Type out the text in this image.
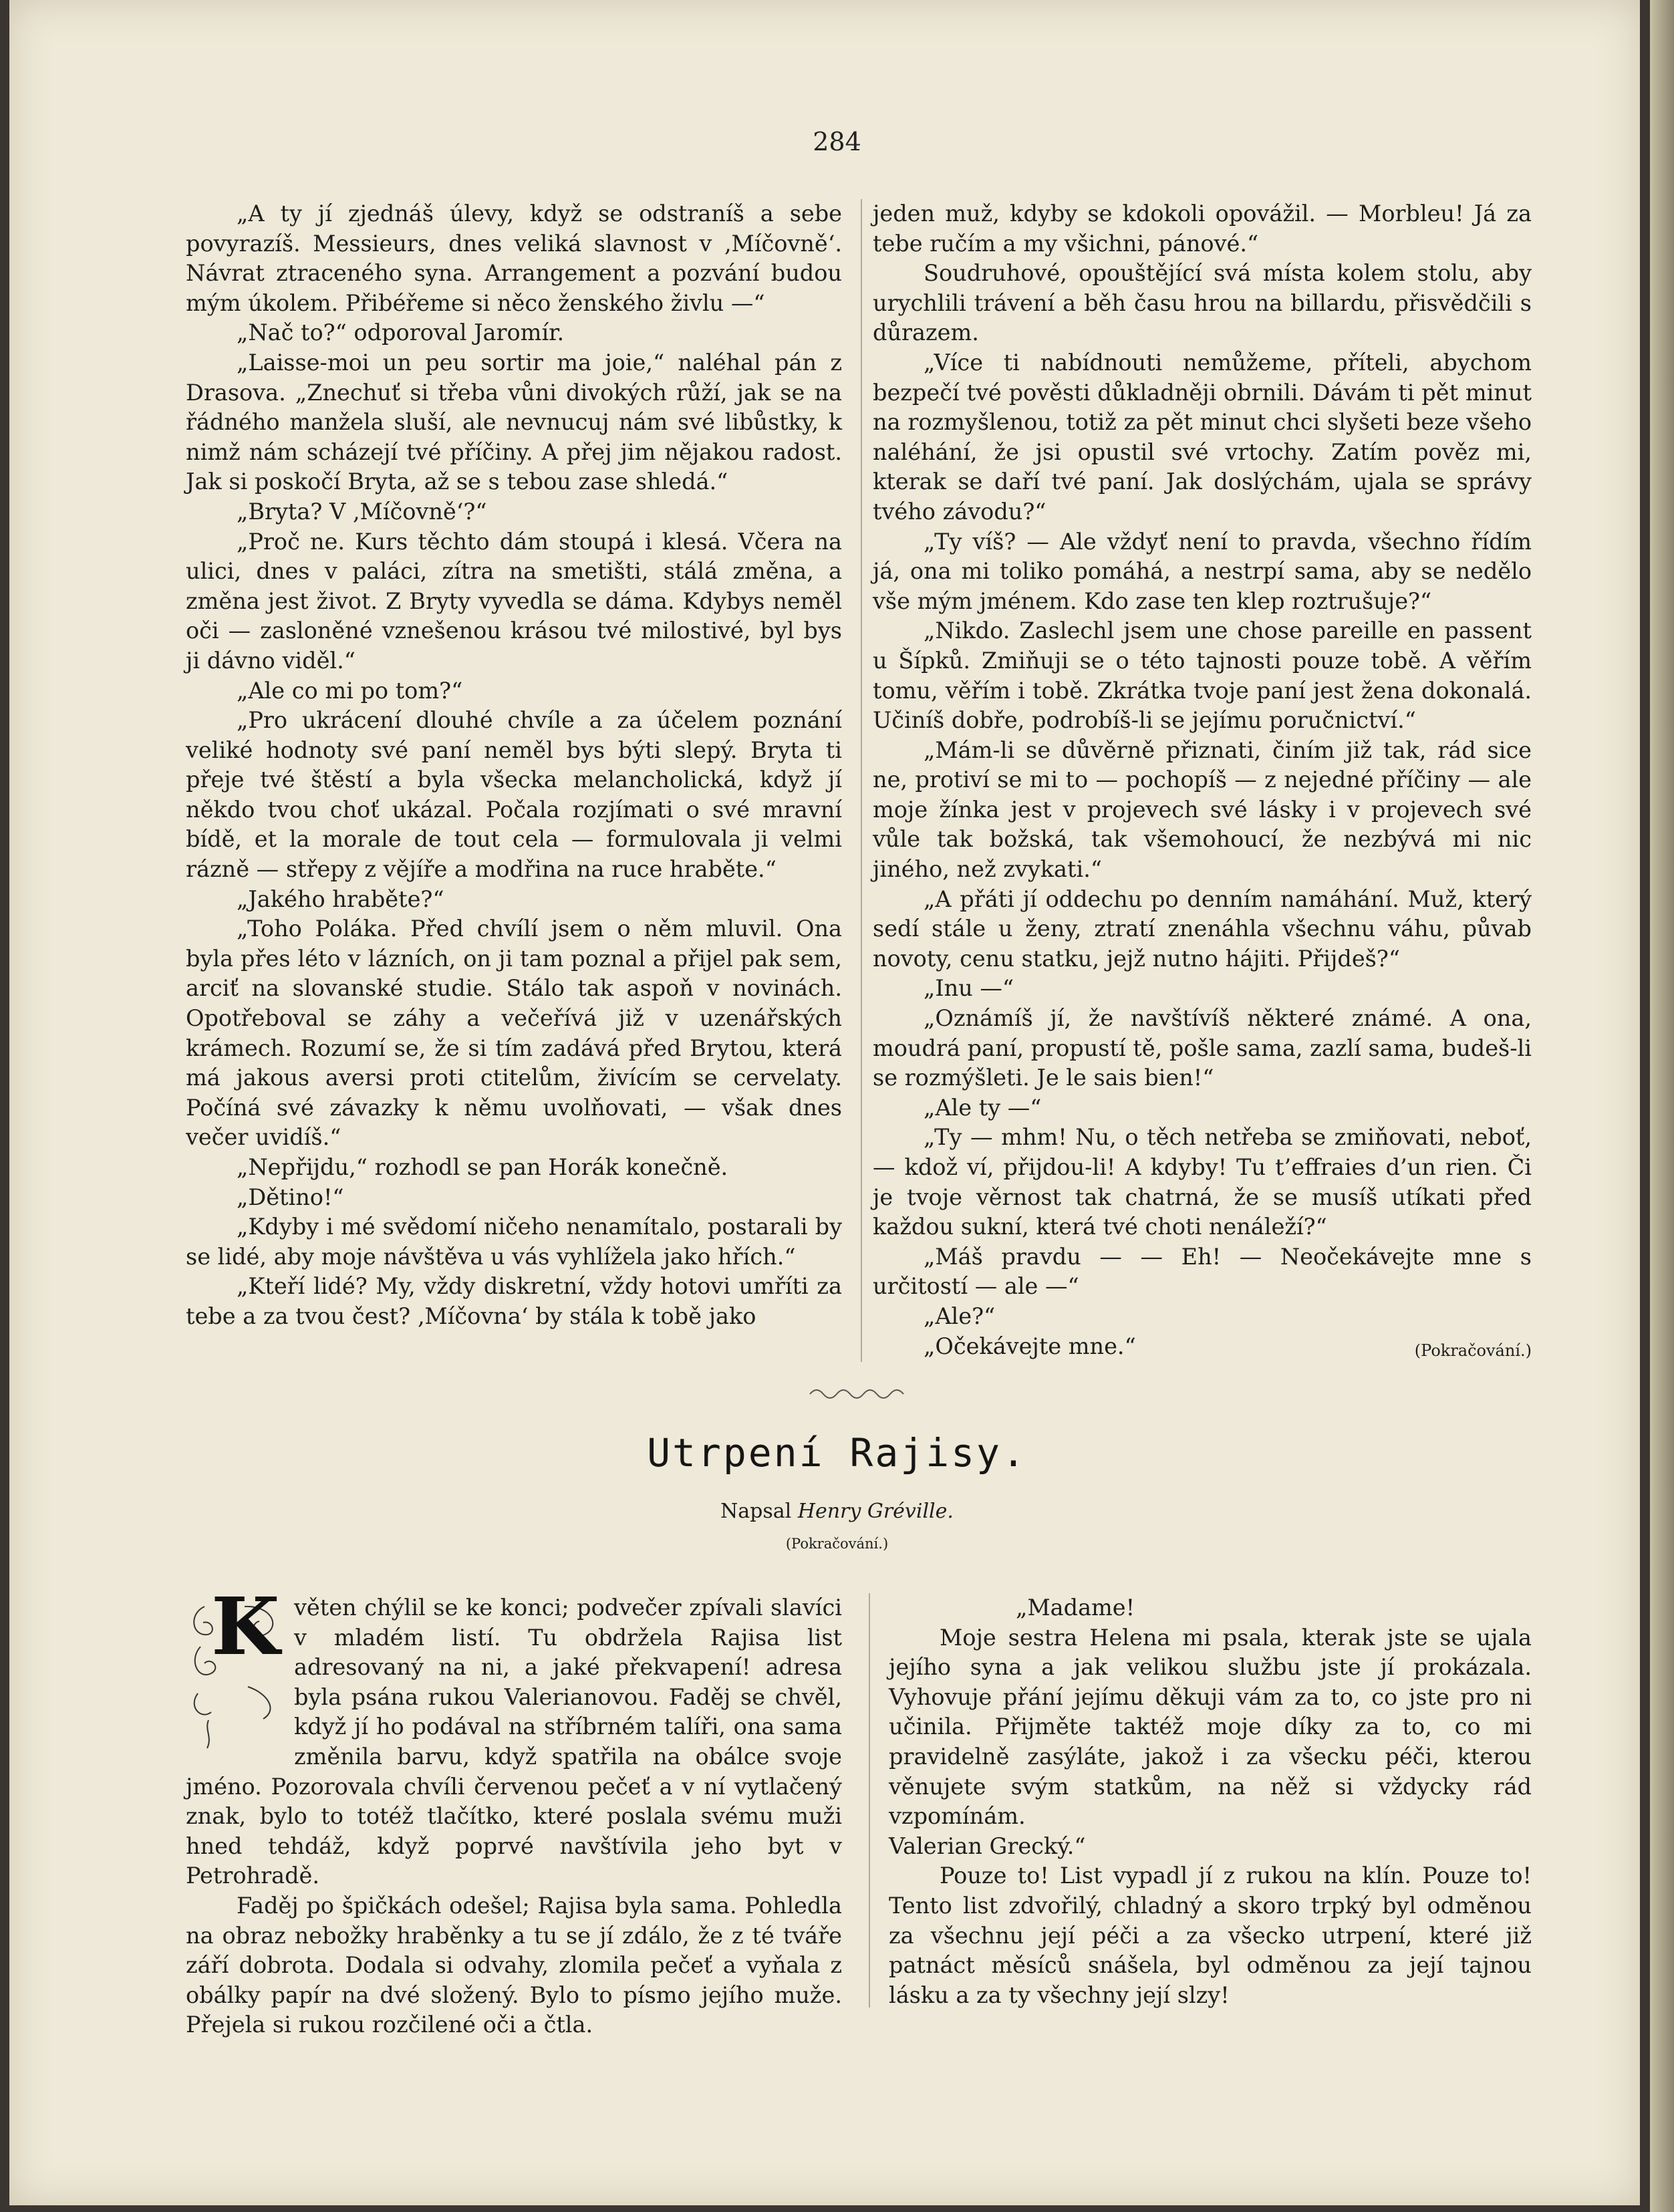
284

„A ty jí zjednáš úlevy, když se odstraníš a sebe povyrazíš. Messieurs, dnes veliká slavnost v ‚Míčovně‘. Návrat ztraceného syna. Arrangement a pozvání budou mým úkolem. Přibéřeme si něco ženského živlu —“

„Nač to?“ odporoval Jaromír.

„Laisse-moi un peu sortir ma joie,“ naléhal pán z Drasova. „Znechuť si třeba vůni divokých růží, jak se na řádného manžela sluší, ale nevnucuj nám své libůstky, k nimž nám scházejí tvé příčiny. A přej jim nějakou radost. Jak si poskočí Bryta, až se s tebou zase shledá.“

„Bryta? V ‚Míčovně‘?“

„Proč ne. Kurs těchto dám stoupá i klesá. Včera na ulici, dnes v paláci, zítra na smetišti, stálá změna, a změna jest život. Z Bryty vyvedla se dáma. Kdybys neměl oči — zasloněné vznešenou krásou tvé milostivé, byl bys ji dávno viděl.“

„Ale co mi po tom?“

„Pro ukrácení dlouhé chvíle a za účelem poznání veliké hodnoty své paní neměl bys býti slepý. Bryta ti přeje tvé štěstí a byla všecka melancholická, když jí někdo tvou choť ukázal. Počala rozjímati o své mravní bídě, et la morale de tout cela — formulovala ji velmi rázně — střepy z vějíře a modřina na ruce hraběte.“

„Jakého hraběte?“

„Toho Poláka. Před chvílí jsem o něm mluvil. Ona byla přes léto v lázních, on ji tam poznal a přijel pak sem, arciť na slovanské studie. Stálo tak aspoň v novinách. Opotřeboval se záhy a večeřívá již v uzenářských krámech. Rozumí se, že si tím zadává před Brytou, která má jakous aversi proti ctitelům, živícím se cervelaty. Počíná své závazky k němu uvolňovati, — však dnes večer uvidíš.“

„Nepřijdu,“ rozhodl se pan Horák konečně.

„Dětino!“

„Kdyby i mé svědomí ničeho nenamítalo, postarali by se lidé, aby moje návštěva u vás vyhlížela jako hřích.“

„Kteří lidé? My, vždy diskretní, vždy hotovi umříti za tebe a za tvou čest? ‚Míčovna‘ by stála k tobě jako

jeden muž, kdyby se kdokoli opovážil. — Morbleu! Já za tebe ručím a my všichni, pánové.“

Soudruhové, opouštějící svá místa kolem stolu, aby urychlili trávení a běh času hrou na billardu, přisvědčili s důrazem.

„Více ti nabídnouti nemůžeme, příteli, abychom bezpečí tvé pověsti důkladněji obrnili. Dávám ti pět minut na rozmyšlenou, totiž za pět minut chci slyšeti beze všeho naléhání, že jsi opustil své vrtochy. Zatím pověz mi, kterak se daří tvé paní. Jak doslýchám, ujala se správy tvého závodu?“

„Ty víš? — Ale vždyť není to pravda, všechno řídím já, ona mi toliko pomáhá, a nestrpí sama, aby se nedělo vše mým jménem. Kdo zase ten klep roztrušuje?“

„Nikdo. Zaslechl jsem une chose pareille en passent u Šípků. Zmiňuji se o této tajnosti pouze tobě. A věřím tomu, věřím i tobě. Zkrátka tvoje paní jest žena dokonalá. Učiníš dobře, podrobíš-li se jejímu poručnictví.“

„Mám-li se důvěrně přiznati, činím již tak, rád sice ne, protiví se mi to — pochopíš — z nejedné příčiny — ale moje žínka jest v projevech své lásky i v projevech své vůle tak božská, tak všemohoucí, že nezbývá mi nic jiného, než zvykati.“

„A přáti jí oddechu po denním namáhání. Muž, který sedí stále u ženy, ztratí znenáhla všechnu váhu, půvab novoty, cenu statku, jejž nutno hájiti. Přijdeš?“

„Inu —“

„Oznámíš jí, že navštívíš některé známé. A ona, moudrá paní, propustí tě, pošle sama, zazlí sama, budeš-li se rozmýšleti. Je le sais bien!“

„Ale ty —“

„Ty — mhm! Nu, o těch netřeba se zmiňovati, neboť, — kdož ví, přijdou-li! A kdyby! Tu t’effraies d’un rien. Či je tvoje věrnost tak chatrná, že se musíš utíkati před každou sukní, která tvé choti nenáleží?“

„Máš pravdu — — Eh! — Neočekávejte mne s určitostí — ale —“

„Ale?“

„Očekávejte mne.“	(Pokračování.)

Utrpení Rajisy.
Napsal Henry Gréville.
(Pokračování.)

K věten chýlil se ke konci; podvečer zpívali slavíci v mladém listí. Tu obdržela Rajisa list adresovaný na ni, a jaké překvapení! adresa byla psána rukou Valerianovou. Faděj se chvěl, když jí ho podával na stříbrném talíři, ona sama změnila barvu, když spatřila na obálce svoje jméno. Pozorovala chvíli červenou pečeť a v ní vytlačený znak, bylo to totéž tlačítko, které poslala svému muži hned tehdáž, když poprvé navštívila jeho byt v Petrohradě.

Faděj po špičkách odešel; Rajisa byla sama. Pohledla na obraz nebožky hraběnky a tu se jí zdálo, že z té tváře září dobrota. Dodala si odvahy, zlomila pečeť a vyňala z obálky papír na dvé složený. Bylo to písmo jejího muže. Přejela si rukou rozčilené oči a čtla.

„Madame!

Moje sestra Helena mi psala, kterak jste se ujala jejího syna a jak velikou službu jste jí prokázala. Vyhovuje přání jejímu děkuji vám za to, co jste pro ni učinila. Přijměte taktéž moje díky za to, co mi pravidelně zasýláte, jakož i za všecku péči, kterou věnujete svým statkům, na něž si vždycky rád vzpomínám.

Valerian Grecký.“

Pouze to! List vypadl jí z rukou na klín. Pouze to! Tento list zdvořilý, chladný a skoro trpký byl odměnou za všechnu její péči a za všecko utrpení, které již patnáct měsíců snášela, byl odměnou za její tajnou lásku a za ty všechny její slzy!
